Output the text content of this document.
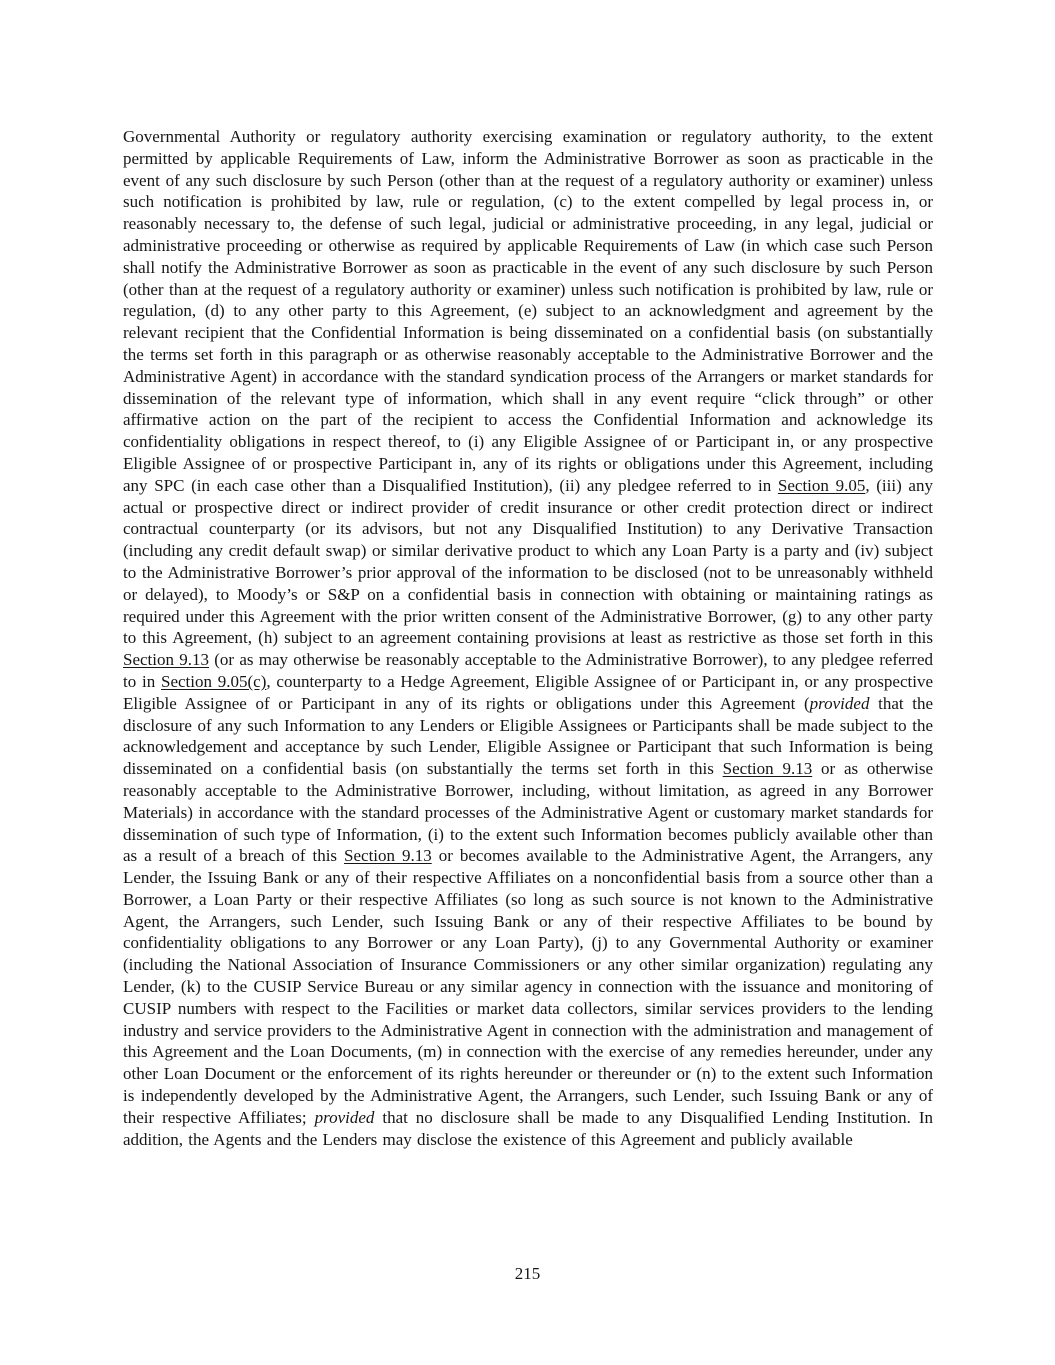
Governmental Authority or regulatory authority exercising examination or regulatory authority, to the extent permitted by applicable Requirements of Law, inform the Administrative Borrower as soon as practicable in the event of any such disclosure by such Person (other than at the request of a regulatory authority or examiner) unless such notification is prohibited by law, rule or regulation, (c) to the extent compelled by legal process in, or reasonably necessary to, the defense of such legal, judicial or administrative proceeding, in any legal, judicial or administrative proceeding or otherwise as required by applicable Requirements of Law (in which case such Person shall notify the Administrative Borrower as soon as practicable in the event of any such disclosure by such Person (other than at the request of a regulatory authority or examiner) unless such notification is prohibited by law, rule or regulation, (d) to any other party to this Agreement, (e) subject to an acknowledgment and agreement by the relevant recipient that the Confidential Information is being disseminated on a confidential basis (on substantially the terms set forth in this paragraph or as otherwise reasonably acceptable to the Administrative Borrower and the Administrative Agent) in accordance with the standard syndication process of the Arrangers or market standards for dissemination of the relevant type of information, which shall in any event require “click through” or other affirmative action on the part of the recipient to access the Confidential Information and acknowledge its confidentiality obligations in respect thereof, to (i) any Eligible Assignee of or Participant in, or any prospective Eligible Assignee of or prospective Participant in, any of its rights or obligations under this Agreement, including any SPC (in each case other than a Disqualified Institution), (ii) any pledgee referred to in Section 9.05, (iii) any actual or prospective direct or indirect provider of credit insurance or other credit protection direct or indirect contractual counterparty (or its advisors, but not any Disqualified Institution) to any Derivative Transaction (including any credit default swap) or similar derivative product to which any Loan Party is a party and (iv) subject to the Administrative Borrower’s prior approval of the information to be disclosed (not to be unreasonably withheld or delayed), to Moody’s or S&P on a confidential basis in connection with obtaining or maintaining ratings as required under this Agreement with the prior written consent of the Administrative Borrower, (g) to any other party to this Agreement, (h) subject to an agreement containing provisions at least as restrictive as those set forth in this Section 9.13 (or as may otherwise be reasonably acceptable to the Administrative Borrower), to any pledgee referred to in Section 9.05(c), counterparty to a Hedge Agreement, Eligible Assignee of or Participant in, or any prospective Eligible Assignee of or Participant in any of its rights or obligations under this Agreement (provided that the disclosure of any such Information to any Lenders or Eligible Assignees or Participants shall be made subject to the acknowledgement and acceptance by such Lender, Eligible Assignee or Participant that such Information is being disseminated on a confidential basis (on substantially the terms set forth in this Section 9.13 or as otherwise reasonably acceptable to the Administrative Borrower, including, without limitation, as agreed in any Borrower Materials) in accordance with the standard processes of the Administrative Agent or customary market standards for dissemination of such type of Information, (i) to the extent such Information becomes publicly available other than as a result of a breach of this Section 9.13 or becomes available to the Administrative Agent, the Arrangers, any Lender, the Issuing Bank or any of their respective Affiliates on a nonconfidential basis from a source other than a Borrower, a Loan Party or their respective Affiliates (so long as such source is not known to the Administrative Agent, the Arrangers, such Lender, such Issuing Bank or any of their respective Affiliates to be bound by confidentiality obligations to any Borrower or any Loan Party), (j) to any Governmental Authority or examiner (including the National Association of Insurance Commissioners or any other similar organization) regulating any Lender, (k) to the CUSIP Service Bureau or any similar agency in connection with the issuance and monitoring of CUSIP numbers with respect to the Facilities or market data collectors, similar services providers to the lending industry and service providers to the Administrative Agent in connection with the administration and management of this Agreement and the Loan Documents, (m) in connection with the exercise of any remedies hereunder, under any other Loan Document or the enforcement of its rights hereunder or thereunder or (n) to the extent such Information is independently developed by the Administrative Agent, the Arrangers, such Lender, such Issuing Bank or any of their respective Affiliates; provided that no disclosure shall be made to any Disqualified Lending Institution. In addition, the Agents and the Lenders may disclose the existence of this Agreement and publicly available
215
